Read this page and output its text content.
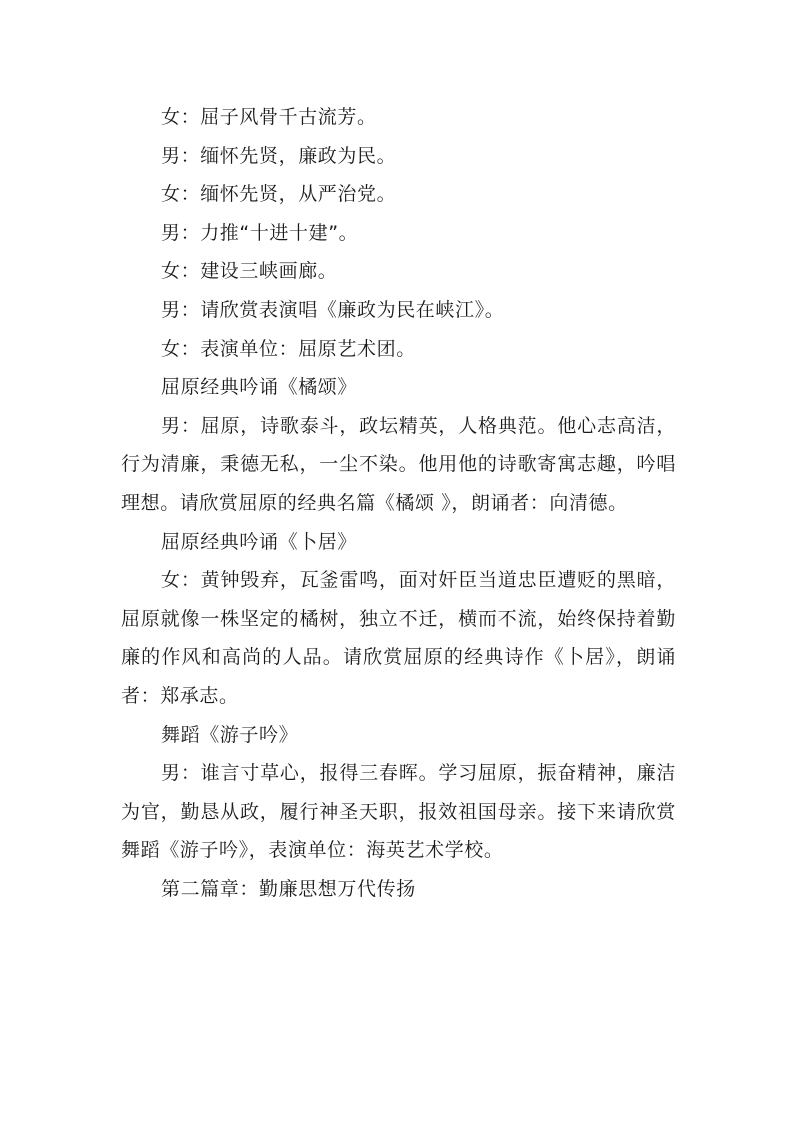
女：屈子风骨千古流芳。

男：缅怀先贤，廉政为民。

女：缅怀先贤，从严治党。

男：力推“十进十建”。

女：建设三峡画廊。

男：请欣赏表演唱《廉政为民在峡江》。

女：表演单位：屈原艺术团。

屈原经典吟诵《橘颂》

男：屈原，诗歌泰斗，政坛精英，人格典范。他心志高洁，行为清廉，秉德无私，一尘不染。他用他的诗歌寄寓志趣，吟唱理想。请欣赏屈原的经典名篇《橘颂 》，朗诵者：向清德。

屈原经典吟诵《卜居》

女：黄钟毁弃，瓦釜雷鸣，面对奸臣当道忠臣遭贬的黑暗，屈原就像一株坚定的橘树，独立不迁，横而不流，始终保持着勤廉的作风和高尚的人品。请欣赏屈原的经典诗作《卜居》，朗诵者：郑承志。

舞蹈《游子吟》

男：谁言寸草心，报得三春晖。学习屈原，振奋精神，廉洁为官，勤恳从政，履行神圣天职，报效祖国母亲。接下来请欣赏舞蹈《游子吟》，表演单位：海英艺术学校。

第二篇章：勤廉思想万代传扬
